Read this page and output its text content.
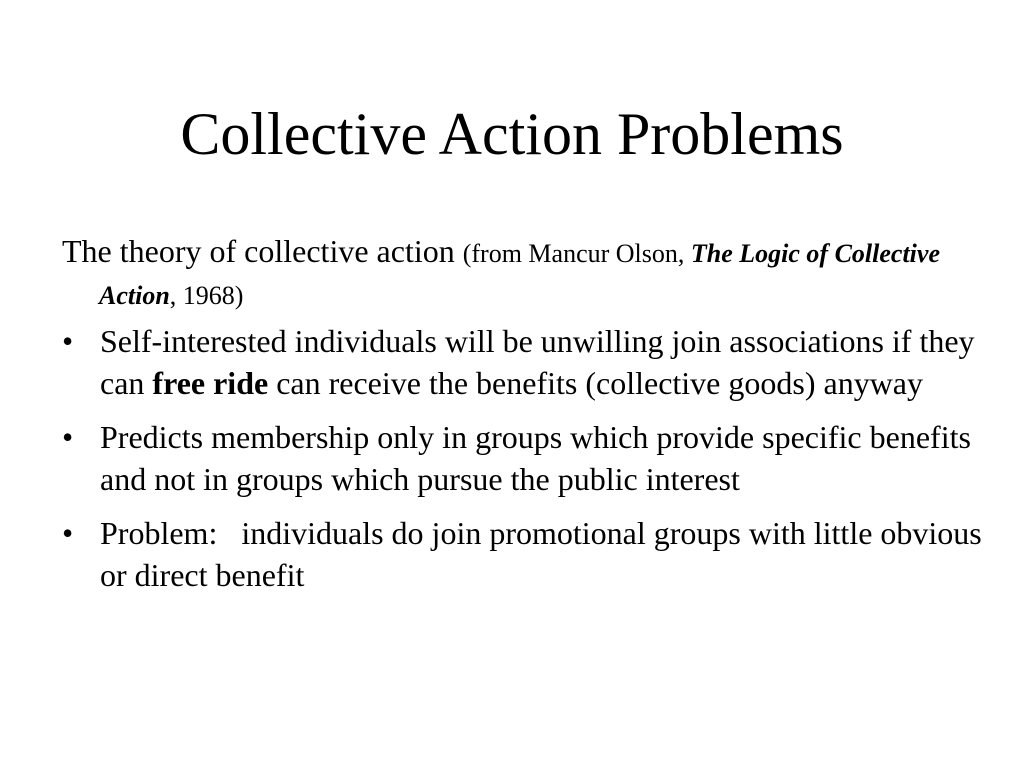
Collective Action Problems

The theory of collective action (from Mancur Olson, The Logic of Collective Action, 1968)

• Self-interested individuals will be unwilling join associations if they can free ride can receive the benefits (collective goods) anyway
• Predicts membership only in groups which provide specific benefits and not in groups which pursue the public interest
• Problem:   individuals do join promotional groups with little obvious or direct benefit
